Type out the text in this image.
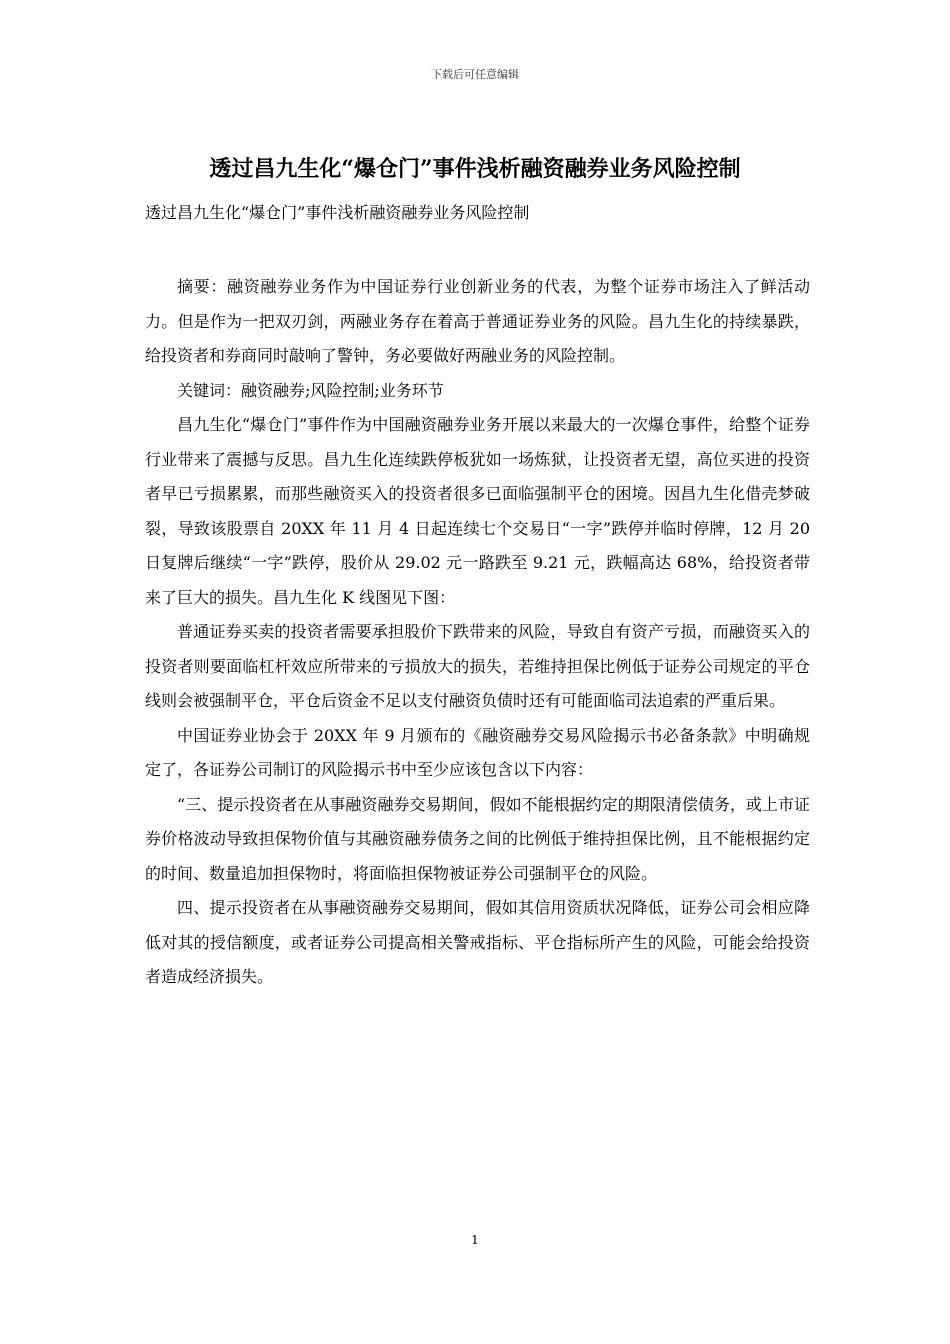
下载后可任意编辑
透过昌九生化“爆仓门”事件浅析融资融券业务风险控制
透过昌九生化“爆仓门”事件浅析融资融券业务风险控制

摘要：融资融券业务作为中国证券行业创新业务的代表，为整个证券市场注入了鲜活动力。但是作为一把双刃剑，两融业务存在着高于普通证券业务的风险。昌九生化的持续暴跌，给投资者和券商同时敲响了警钟，务必要做好两融业务的风险控制。

关键词：融资融券;风险控制;业务环节

昌九生化“爆仓门”事件作为中国融资融券业务开展以来最大的一次爆仓事件，给整个证券行业带来了震撼与反思。昌九生化连续跌停板犹如一场炼狱，让投资者无望，高位买进的投资者早已亏损累累，而那些融资买入的投资者很多已面临强制平仓的困境。因昌九生化借壳梦破裂，导致该股票自 20XX 年 11 月 4 日起连续七个交易日“一字”跌停并临时停牌，12 月 20 日复牌后继续“一字”跌停，股价从 29.02 元一路跌至 9.21 元，跌幅高达 68%，给投资者带来了巨大的损失。昌九生化 K 线图见下图：

普通证券买卖的投资者需要承担股价下跌带来的风险，导致自有资产亏损，而融资买入的投资者则要面临杠杆效应所带来的亏损放大的损失，若维持担保比例低于证券公司规定的平仓线则会被强制平仓，平仓后资金不足以支付融资负债时还有可能面临司法追索的严重后果。

中国证券业协会于 20XX 年 9 月颁布的《融资融券交易风险揭示书必备条款》中明确规定了，各证券公司制订的风险揭示书中至少应该包含以下内容：

“三、提示投资者在从事融资融券交易期间，假如不能根据约定的期限清偿债务，或上市证券价格波动导致担保物价值与其融资融券债务之间的比例低于维持担保比例，且不能根据约定的时间、数量追加担保物时，将面临担保物被证券公司强制平仓的风险。

四、提示投资者在从事融资融券交易期间，假如其信用资质状况降低，证券公司会相应降低对其的授信额度，或者证券公司提高相关警戒指标、平仓指标所产生的风险，可能会给投资者造成经济损失。

1
